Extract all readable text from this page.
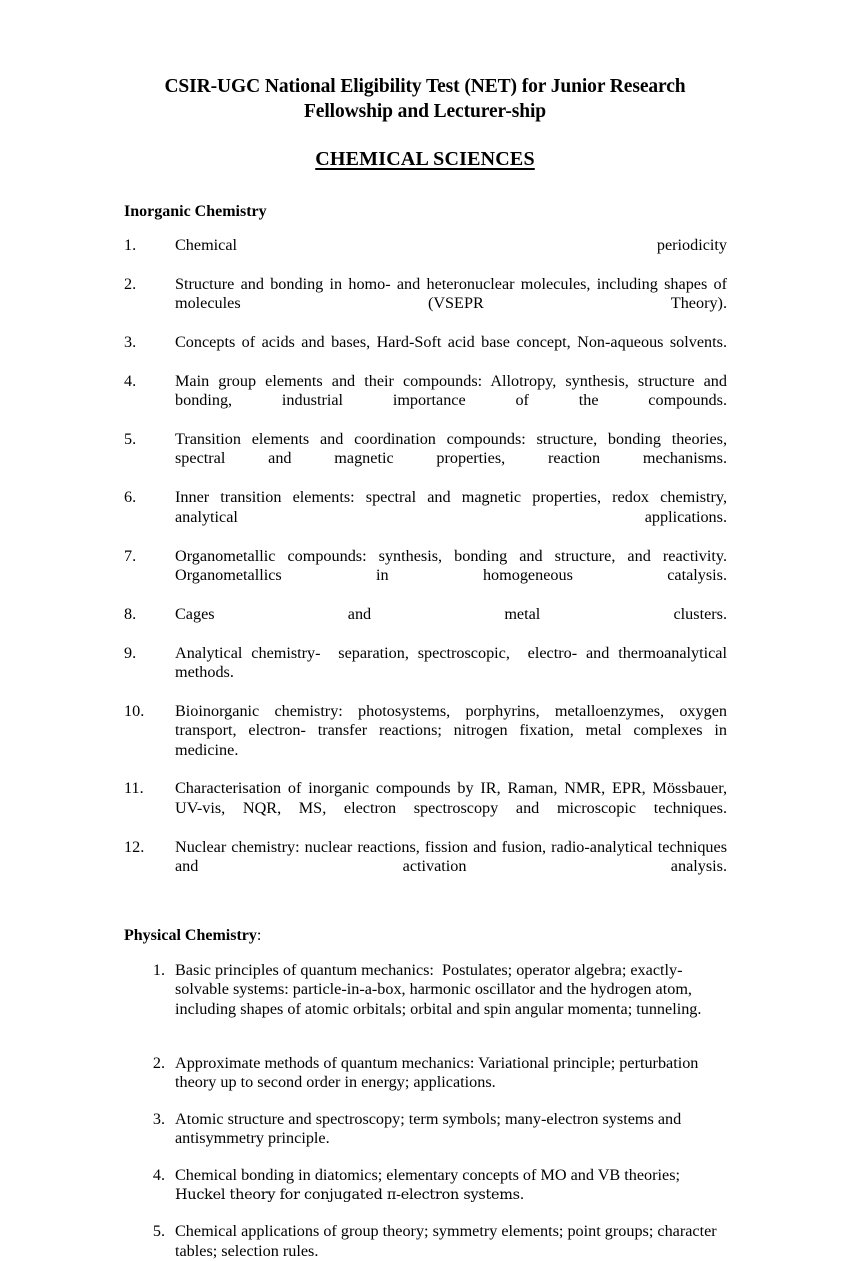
CSIR-UGC National Eligibility Test (NET) for Junior Research
Fellowship and Lecturer-ship
CHEMICAL SCIENCES
Inorganic Chemistry
1.	Chemical periodicity
2.	Structure and bonding in homo- and heteronuclear molecules, including shapes of molecules (VSEPR Theory).
3.	Concepts of acids and bases, Hard-Soft acid base concept, Non-aqueous solvents.
4.	Main group elements and their compounds: Allotropy, synthesis, structure and bonding, industrial importance of the compounds.
5.	Transition elements and coordination compounds: structure, bonding theories, spectral and magnetic properties, reaction mechanisms.
6.	Inner transition elements: spectral and magnetic properties, redox chemistry, analytical applications.
7.	Organometallic compounds: synthesis, bonding and structure, and reactivity. Organometallics in homogeneous catalysis.
8.	Cages and metal clusters.
9.	Analytical chemistry-  separation, spectroscopic,  electro- and thermoanalytical methods.
10.	Bioinorganic chemistry: photosystems, porphyrins, metalloenzymes, oxygen transport, electron- transfer reactions; nitrogen fixation, metal complexes in medicine.
11.	Characterisation of inorganic compounds by IR, Raman, NMR, EPR, Mössbauer, UV-vis, NQR, MS, electron spectroscopy and microscopic techniques.
12.	Nuclear chemistry: nuclear reactions, fission and fusion, radio-analytical techniques and activation analysis.
Physical Chemistry:
1. Basic principles of quantum mechanics:  Postulates; operator algebra; exactly-solvable systems: particle-in-a-box, harmonic oscillator and the hydrogen atom, including shapes of atomic orbitals; orbital and spin angular momenta; tunneling.
2. Approximate methods of quantum mechanics: Variational principle; perturbation theory up to second order in energy; applications.
3. Atomic structure and spectroscopy; term symbols; many-electron systems and antisymmetry principle.
4. Chemical bonding in diatomics; elementary concepts of MO and VB theories;
Huckel theory for conjugated π-electron systems.
5. Chemical applications of group theory; symmetry elements; point groups; character tables; selection rules.
